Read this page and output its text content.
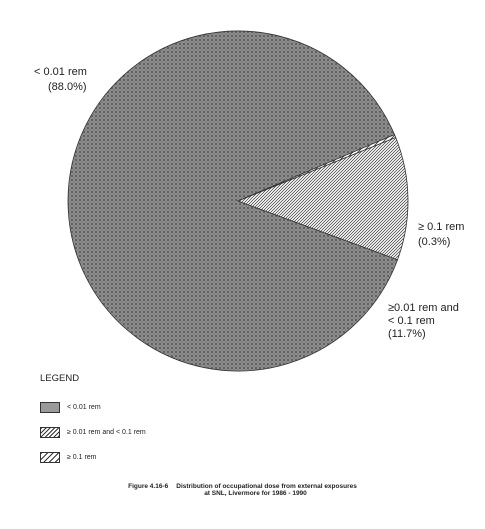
< 0.01 rem
(88.0%)
≥ 0.1 rem
(0.3%)
≥0.01 rem and
< 0.1 rem
(11.7%)
LEGEND
< 0.01 rem
≥ 0.01 rem and < 0.1 rem
≥ 0.1 rem
Figure 4.16-6 Distribution of occupational dose from external exposures
at SNL, Livermore for 1986 - 1990
